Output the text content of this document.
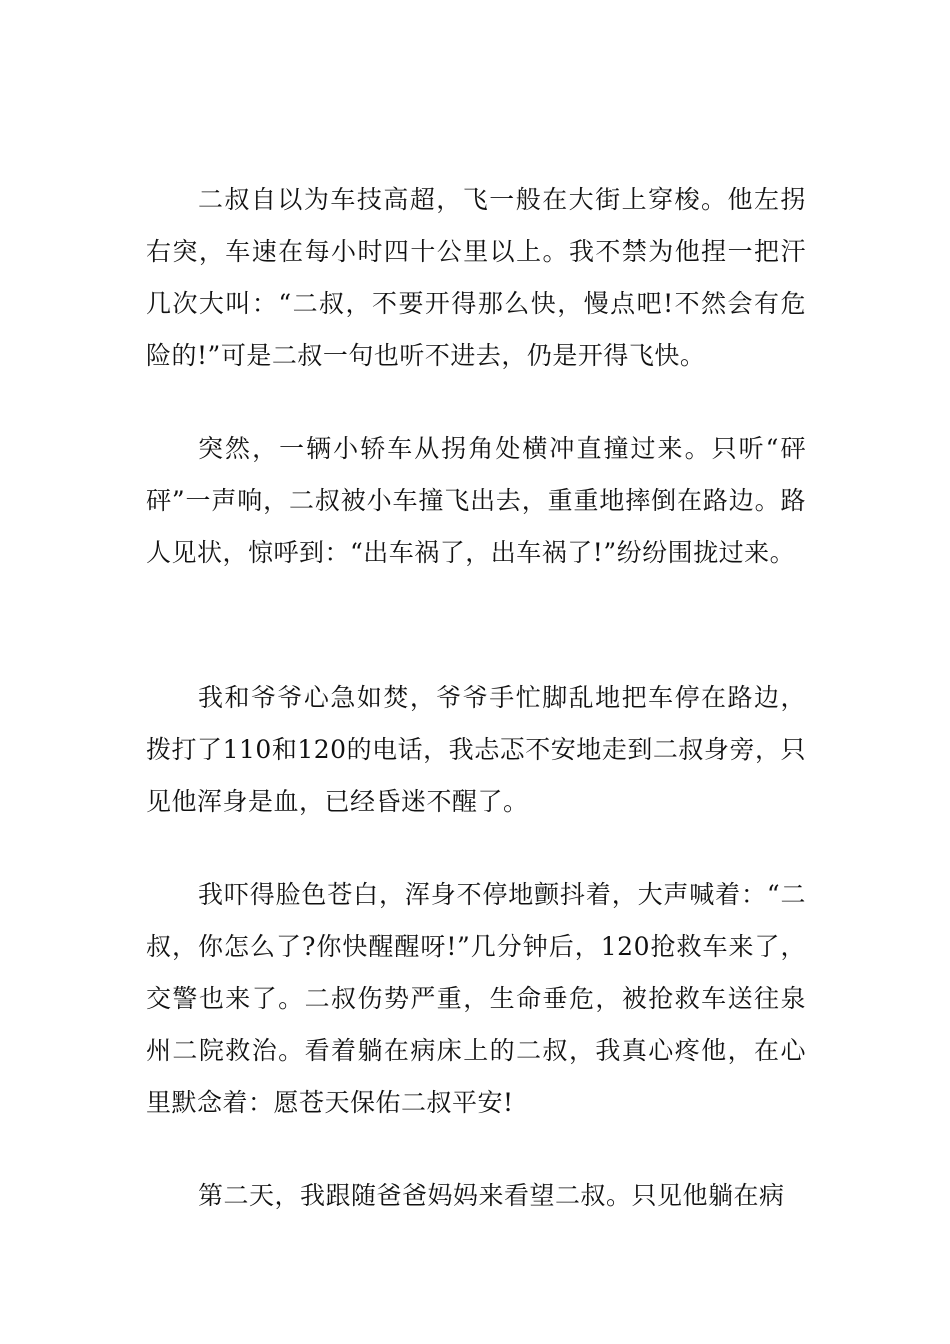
二叔自以为车技高超，飞一般在大街上穿梭。他左拐右突，车速在每小时四十公里以上。我不禁为他捏一把汗几次大叫：“二叔，不要开得那么快，慢点吧!不然会有危险的!”可是二叔一句也听不进去，仍是开得飞快。

突然，一辆小轿车从拐角处横冲直撞过来。只听“砰砰”一声响，二叔被小车撞飞出去，重重地摔倒在路边。路人见状，惊呼到：“出车祸了，出车祸了!”纷纷围拢过来。

我和爷爷心急如焚，爷爷手忙脚乱地把车停在路边，拨打了110和120的电话，我忐忑不安地走到二叔身旁，只见他浑身是血，已经昏迷不醒了。

我吓得脸色苍白，浑身不停地颤抖着，大声喊着：“二叔，你怎么了?你快醒醒呀!”几分钟后，120抢救车来了，交警也来了。二叔伤势严重，生命垂危，被抢救车送往泉州二院救治。看着躺在病床上的二叔，我真心疼他，在心里默念着：愿苍天保佑二叔平安!

第二天，我跟随爸爸妈妈来看望二叔。只见他躺在病
